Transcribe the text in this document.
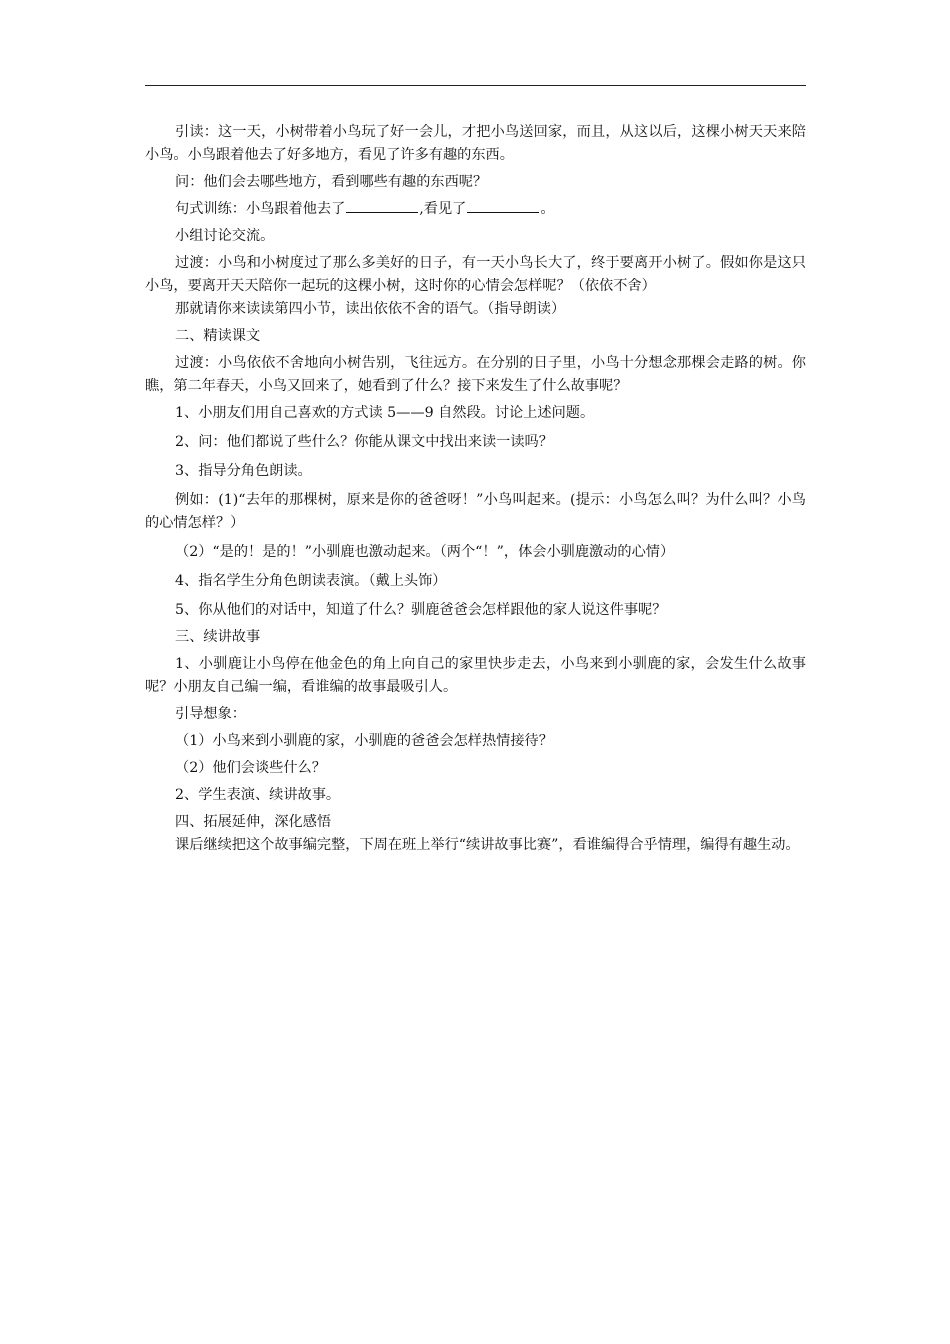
引读：这一天，小树带着小鸟玩了好一会儿，才把小鸟送回家，而且，从这以后，这棵小树天天来陪小鸟。小鸟跟着他去了好多地方，看见了许多有趣的东西。

问：他们会去哪些地方，看到哪些有趣的东西呢？

句式训练：小鸟跟着他去了	,看见了	。

小组讨论交流。

过渡：小鸟和小树度过了那么多美好的日子，有一天小鸟长大了，终于要离开小树了。假如你是这只小鸟，要离开天天陪你一起玩的这棵小树，这时你的心情会怎样呢？（依依不舍）

那就请你来读读第四小节，读出依依不舍的语气。（指导朗读）

二、精读课文

过渡：小鸟依依不舍地向小树告别，飞往远方。在分别的日子里，小鸟十分想念那棵会走路的树。你瞧，第二年春天，小鸟又回来了，她看到了什么？接下来发生了什么故事呢？

1、小朋友们用自己喜欢的方式读 5——9 自然段。讨论上述问题。

2、问：他们都说了些什么？你能从课文中找出来读一读吗？

3、指导分角色朗读。

例如：(1)“去年的那棵树，原来是你的爸爸呀！”小鸟叫起来。(提示：小鸟怎么叫？为什么叫？小鸟的心情怎样？）

（2）“是的！是的！”小驯鹿也激动起来。（两个“！”，体会小驯鹿激动的心情）

4、指名学生分角色朗读表演。（戴上头饰）

5、你从他们的对话中，知道了什么？驯鹿爸爸会怎样跟他的家人说这件事呢？

三、续讲故事

1、小驯鹿让小鸟停在他金色的角上向自己的家里快步走去，小鸟来到小驯鹿的家，会发生什么故事呢？小朋友自己编一编，看谁编的故事最吸引人。

引导想象：

（1）小鸟来到小驯鹿的家，小驯鹿的爸爸会怎样热情接待？

（2）他们会谈些什么？

2、学生表演、续讲故事。

四、拓展延伸，深化感悟

课后继续把这个故事编完整，下周在班上举行“续讲故事比赛”，看谁编得合乎情理，编得有趣生动。
